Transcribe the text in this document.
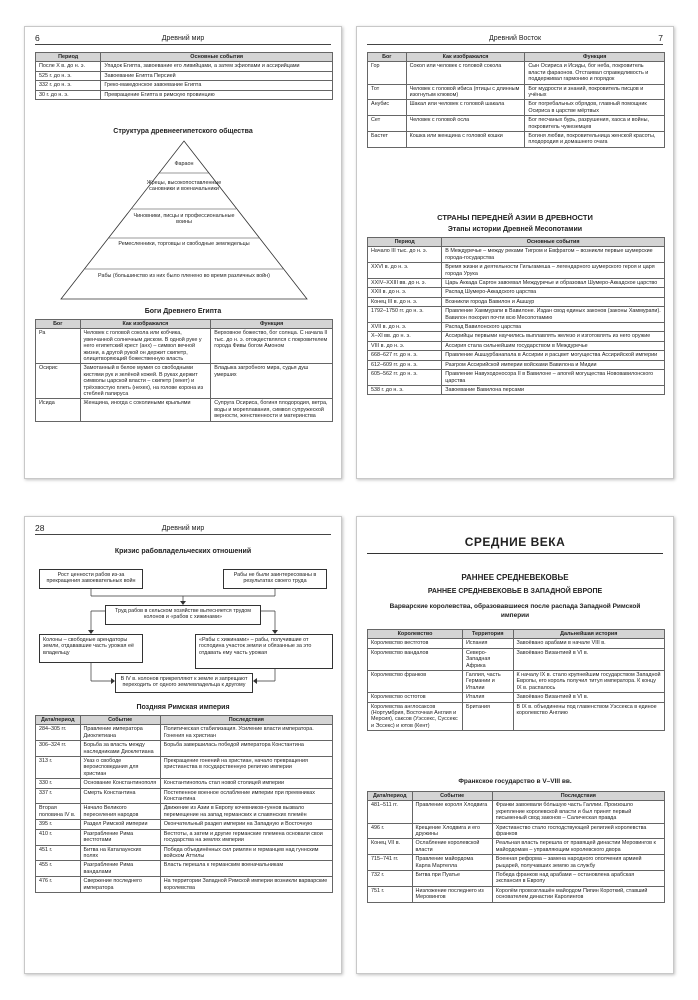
6	Древний мир
Период	Основные события
После X в. до н. э.	Упадок Египта, завоевание его ливийцами, а затем эфиопами и ассирийцами
525 г. до н. э.	Завоевание Египта Персией
332 г. до н. э.	Греко-македонское завоевание Египта
30 г. до н. э.	Превращение Египта в римскую провинцию
Структура древнеегипетского общества
Фараон
Жрецы, высокопоставленные сановники и военачальники
Чиновники, писцы и профессиональные воины
Ремесленники, торговцы и свободные земледельцы
Рабы (большинство из них было пленено во время различных войн)
Боги Древнего Египта
Бог	Как изображался	Функция
Ра	Человек с головой сокола или кобчика, увенчанной солнечным диском. В одной руке у него египетский крест (анх) – символ вечной жизни, а другой рукой он держит скипетр, олицетворяющий божественную власть	Верховное божество, бог солнца. С начала II тыс. до н. э. отождествлялся с покровителем города Фивы богом Амоном
Осирис	Замотанный в белое мумия со свободными кистями рук и зелёной кожей. В руках держит символы царской власти – скипетр (хекет) и трёххвостую плеть (нехех), на голове корона из стеблей папируса	Владыка загробного мира, судья душ умерших
Исида	Женщина, иногда с соколиными крыльями	Супруга Осириса, богиня плодородия, ветра, воды и мореплавания, символ супружеской верности, женственности и материнства
Древний Восток	7
Бог	Как изображался	Функция
Гор	Сокол или человек с головой сокола	Сын Осириса и Исиды, бог неба, покровитель власти фараонов. Отстаивал справедливость и поддерживал гармонию и порядок
Тот	Человек с головой ибиса (птицы с длинным изогнутым клювом)	Бог мудрости и знаний, покровитель писцов и учёных
Анубис	Шакал или человек с головой шакала	Бог погребальных обрядов, главный помощник Осириса в царстве мёртвых
Сет	Человек с головой осла	Бог песчаных бурь, разрушения, хаоса и войны, покровитель чужеземцев
Бастет	Кошка или женщина с головой кошки	Богиня любви, покровительница женской красоты, плодородия и домашнего очага
СТРАНЫ ПЕРЕДНЕЙ АЗИИ В ДРЕВНОСТИ
Этапы истории Древней Месопотамии
Период	Основные события
Начало III тыс. до н. э.	В Междуречье – между реками Тигром и Евфратом – возникли первые шумерские города-государства
XXVI в. до н. э.	Время жизни и деятельности Гильгамеша – легендарного шумерского героя и царя города Урука
XXIV–XXIII вв. до н. э.	Царь Аккада Саргон завоевал Междуречье и образовал Шумеро-Аккадское царство
XXII в. до н. э.	Распад Шумеро-Аккадского царства
Конец III в. до н. э.	Возникли города Вавилон и Ашшур
1792–1750 гг. до н. э.	Правление Хаммурапи в Вавилоне. Издан свод единых законов (законы Хаммурапи). Вавилон покорил почти всю Месопотамию
XVII в. до н. э.	Распад Вавилонского царства
X–XI вв. до н. э.	Ассирийцы первыми научились выплавлять железо и изготовлять из него оружие
VIII в. до н. э.	Ассирия стала сильнейшим государством в Междуречье
668–627 гг. до н. э.	Правление Ашшурбанапала в Ассирии и расцвет могущества Ассирийской империи
612–609 гг. до н. э.	Разгром Ассирийской империи войсками Вавилона и Мидии
605–562 гг. до н. э.	Правление Навуходоносора II в Вавилоне – апогей могущества Нововавилонского царства
538 г. до н. э.	Завоевание Вавилона персами
28	Древний мир
Кризис рабовладельческих отношений
Рост ценности рабов из-за прекращения завоевательных войн
Рабы не были заинтересованы в результатах своего труда
Труд рабов в сельском хозяйстве вытесняется трудом колонов и «рабов с хижинами»
Колоны – свободные арендаторы земли, отдававшие часть урожая её владельцу
«Рабы с хижинами» – рабы, получившие от господина участок земли и обязанные за это отдавать ему часть урожая
В IV в. колонов прикрепляют к земле и запрещают переходить от одного землевладельца к другому
Поздняя Римская империя
Дата/период	Событие	Последствия
284–305 гг.	Правление императора Диоклетиана	Политическая стабилизация. Усиление власти императора. Гонения на христиан
306–324 гг.	Борьба за власть между наследниками Диоклетиана	Борьба завершилась победой императора Константина
313 г.	Указ о свободе вероисповедания для христиан	Прекращение гонений на христиан, начало превращения христианства в государственную религию империи
330 г.	Основание Константинополя	Константинополь стал новой столицей империи
337 г.	Смерть Константина	Постепенное военное ослабление империи при преемниках Константина
Вторая половина IV в.	Начало Великого переселения народов	Движение из Азии в Европу кочевников-гуннов вызвало перемещение на запад германских и славянских племён
395 г.	Раздел Римской империи	Окончательный раздел империи на Западную и Восточную
410 г.	Разграбление Рима вестготами	Вестготы, а затем и другие германские племена основали свои государства на землях империи
451 г.	Битва на Каталаунских полях	Победа объединённых сил римлян и германцев над гуннским войском Аттилы
455 г.	Разграбление Рима вандалами	Власть перешла к германским военачальникам
476 г.	Свержение последнего императора	На территории Западной Римской империи возникли варварские королевства
СРЕДНИЕ ВЕКА
РАННЕЕ СРЕДНЕВЕКОВЬЕ
РАННЕЕ СРЕДНЕВЕКОВЬЕ В ЗАПАДНОЙ ЕВРОПЕ
Варварские королевства, образовавшиеся после распада Западной Римской империи
Королевство	Территория	Дальнейшая история
Королевство вестготов	Испания	Завоёвано арабами в начале VIII в.
Королевство вандалов	Северо-Западная Африка	Завоёвано Византией в VI в.
Королевство франков	Галлия, часть Германии и Италии	К началу IX в. стало крупнейшим государством Западной Европы, его король получил титул императора. К концу IX в. распалось
Королевство остготов	Италия	Завоёвано Византией в VI в.
Королевства англосаксов (Нортумбрия, Восточная Англия и Мерсия), саксов (Уэссекс, Суссекс и Эссекс) и ютов (Кент)	Британия	В IX в. объединены под главенством Уэссекса в единое королевство Англию
Франкское государство в V–VIII вв.
Дата/период	Событие	Последствия
481–511 гг.	Правление короля Хлодвига	Франки завоевали бо́льшую часть Галлии. Произошло укрепление королевской власти и был принят первый письменный свод законов – Салическая правда
496 г.	Крещение Хлодвига и его дружины	Христианство стало господствующей религией королевства франков
Конец VII в.	Ослабление королевской власти	Реальная власть перешла от правящей династии Меровингов к майордомам – управляющим королевского двора
715–741 гг.	Правление майордома Карла Мартелла	Военная реформа – замена народного ополчения армией рыцарей, получавших землю за службу
732 г.	Битва при Пуатье	Победа франков над арабами – остановлена арабская экспансия в Европу
751 г.	Низложение последнего из Меровингов	Королём провозглашён майордом Пипин Короткий, ставший основателем династии Каролингов
